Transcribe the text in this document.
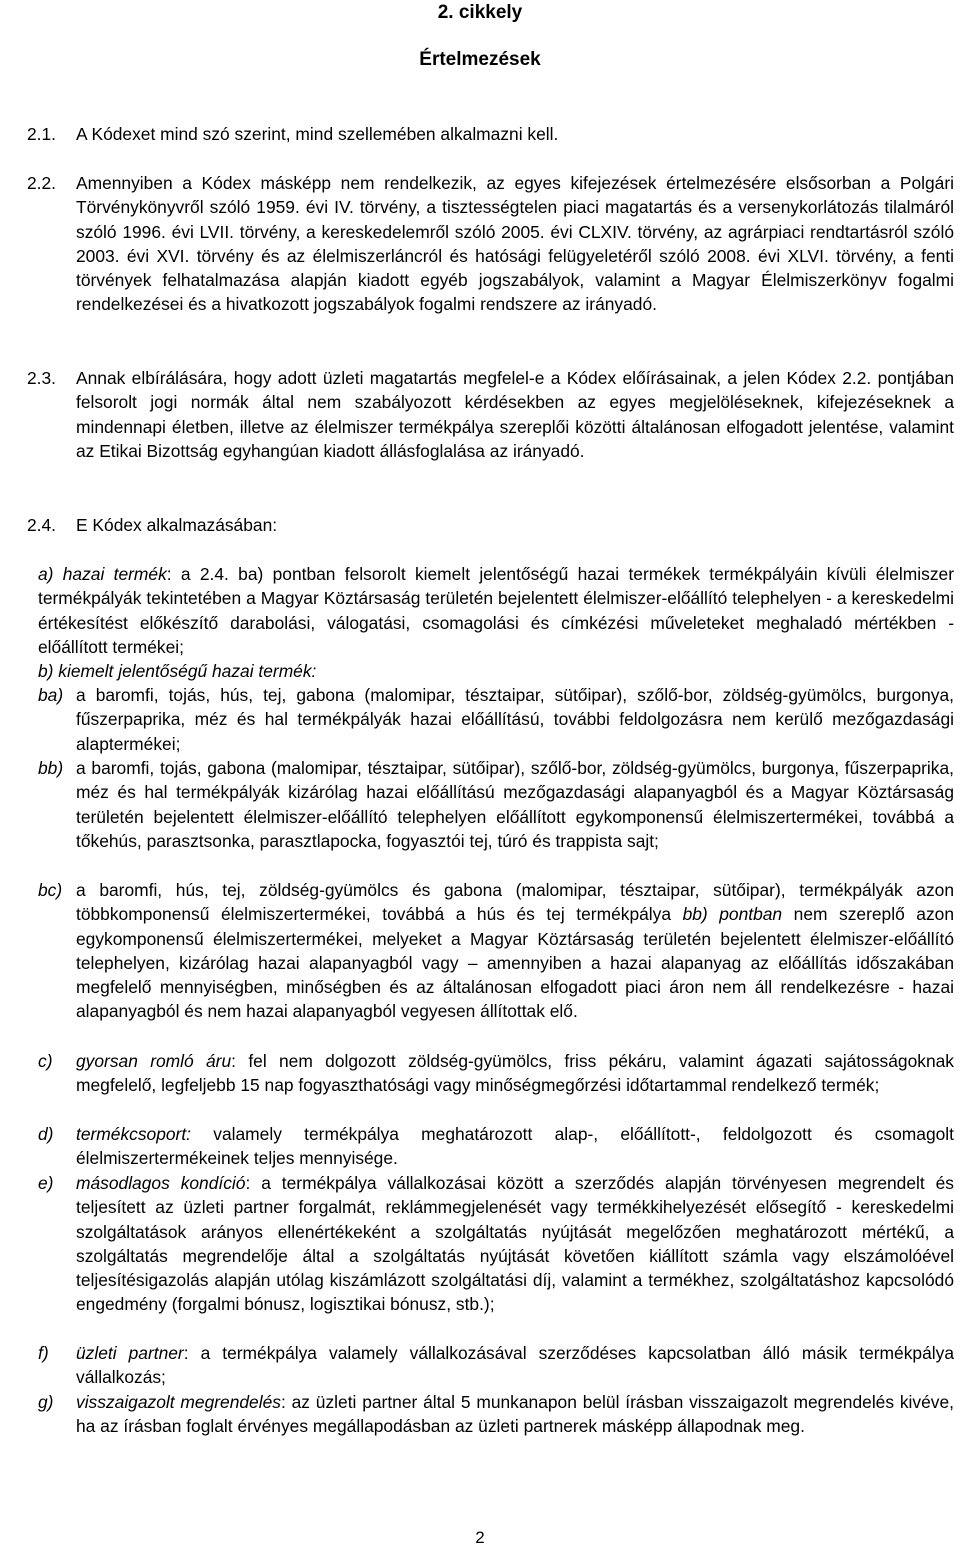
2. cikkely
Értelmezések
2.1. A Kódexet mind szó szerint, mind szellemében alkalmazni kell.

2.2. Amennyiben a Kódex másképp nem rendelkezik, az egyes kifejezések értelmezésére elsősorban a Polgári Törvénykönyvről szóló 1959. évi IV. törvény, a tisztességtelen piaci magatartás és a versenykorlátozás tilalmáról szóló 1996. évi LVII. törvény, a kereskedelemről szóló 2005. évi CLXIV. törvény, az agrárpiaci rendtartásról szóló 2003. évi XVI. törvény és az élelmiszerláncról és hatósági felügyeletéről szóló 2008. évi XLVI. törvény, a fenti törvények felhatalmazása alapján kiadott egyéb jogszabályok, valamint a Magyar Élelmiszerkönyv fogalmi rendelkezései és a hivatkozott jogszabályok fogalmi rendszere az irányadó.

2.3. Annak elbírálására, hogy adott üzleti magatartás megfelel-e a Kódex előírásainak, a jelen Kódex 2.2. pontjában felsorolt jogi normák által nem szabályozott kérdésekben az egyes megjelöléseknek, kifejezéseknek a mindennapi életben, illetve az élelmiszer termékpálya szereplői közötti általánosan elfogadott jelentése, valamint az Etikai Bizottság egyhangúan kiadott állásfoglalása az irányadó.

2.4. E Kódex alkalmazásában:

a) hazai termék: a 2.4. ba) pontban felsorolt kiemelt jelentőségű hazai termékek termékpályáin kívüli élelmiszer termékpályák tekintetében a Magyar Köztársaság területén bejelentett élelmiszer-előállító telephelyen - a kereskedelmi értékesítést előkészítő darabolási, válogatási, csomagolási és címkézési műveleteket meghaladó mértékben - előállított termékei;

b) kiemelt jelentőségű hazai termék:

ba) a baromfi, tojás, hús, tej, gabona (malomipar, tésztaipar, sütőipar), szőlő-bor, zöldség-gyümölcs, burgonya, fűszerpaprika, méz és hal termékpályák hazai előállítású, további feldolgozásra nem kerülő mezőgazdasági alaptermékei;

bb) a baromfi, tojás, gabona (malomipar, tésztaipar, sütőipar), szőlő-bor, zöldség-gyümölcs, burgonya, fűszerpaprika, méz és hal termékpályák kizárólag hazai előállítású mezőgazdasági alapanyagból és a Magyar Köztársaság területén bejelentett élelmiszer-előállító telephelyen előállított egykomponensű élelmiszertermékei, továbbá a tőkehús, parasztsonka, parasztlapocka, fogyasztói tej, túró és trappista sajt;

bc) a baromfi, hús, tej, zöldség-gyümölcs és gabona (malomipar, tésztaipar, sütőipar), termékpályák azon többkomponensű élelmiszertermékei, továbbá a hús és tej termékpálya bb) pontban nem szereplő azon egykomponensű élelmiszertermékei, melyeket a Magyar Köztársaság területén bejelentett élelmiszer-előállító telephelyen, kizárólag hazai alapanyagból vagy – amennyiben a hazai alapanyag az előállítás időszakában megfelelő mennyiségben, minőségben és az általánosan elfogadott piaci áron nem áll rendelkezésre - hazai alapanyagból és nem hazai alapanyagból vegyesen állítottak elő.

c) gyorsan romló áru: fel nem dolgozott zöldség-gyümölcs, friss pékáru, valamint ágazati sajátosságoknak megfelelő, legfeljebb 15 nap fogyaszthatósági vagy minőségmegőrzési időtartammal rendelkező termék;

d) termékcsoport: valamely termékpálya meghatározott alap-, előállított-, feldolgozott és csomagolt élelmiszertermékeinek teljes mennyisége.

e) másodlagos kondíció: a termékpálya vállalkozásai között a szerződés alapján törvényesen megrendelt és teljesített az üzleti partner forgalmát, reklámmegjelenését vagy termékkihelyezését elősegítő - kereskedelmi szolgáltatások arányos ellenértékeként a szolgáltatás nyújtását megelőzően meghatározott mértékű, a szolgáltatás megrendelője által a szolgáltatás nyújtását követően kiállított számla vagy elszámolóével teljesítésigazolás alapján utólag kiszámlázott szolgáltatási díj, valamint a termékhez, szolgáltatáshoz kapcsolódó engedmény (forgalmi bónusz, logisztikai bónusz, stb.);

f) üzleti partner: a termékpálya valamely vállalkozásával szerződéses kapcsolatban álló másik termékpálya vállalkozás;

g) visszaigazolt megrendelés: az üzleti partner által 5 munkanapon belül írásban visszaigazolt megrendelés kivéve, ha az írásban foglalt érvényes megállapodásban az üzleti partnerek másképp állapodnak meg.

2
